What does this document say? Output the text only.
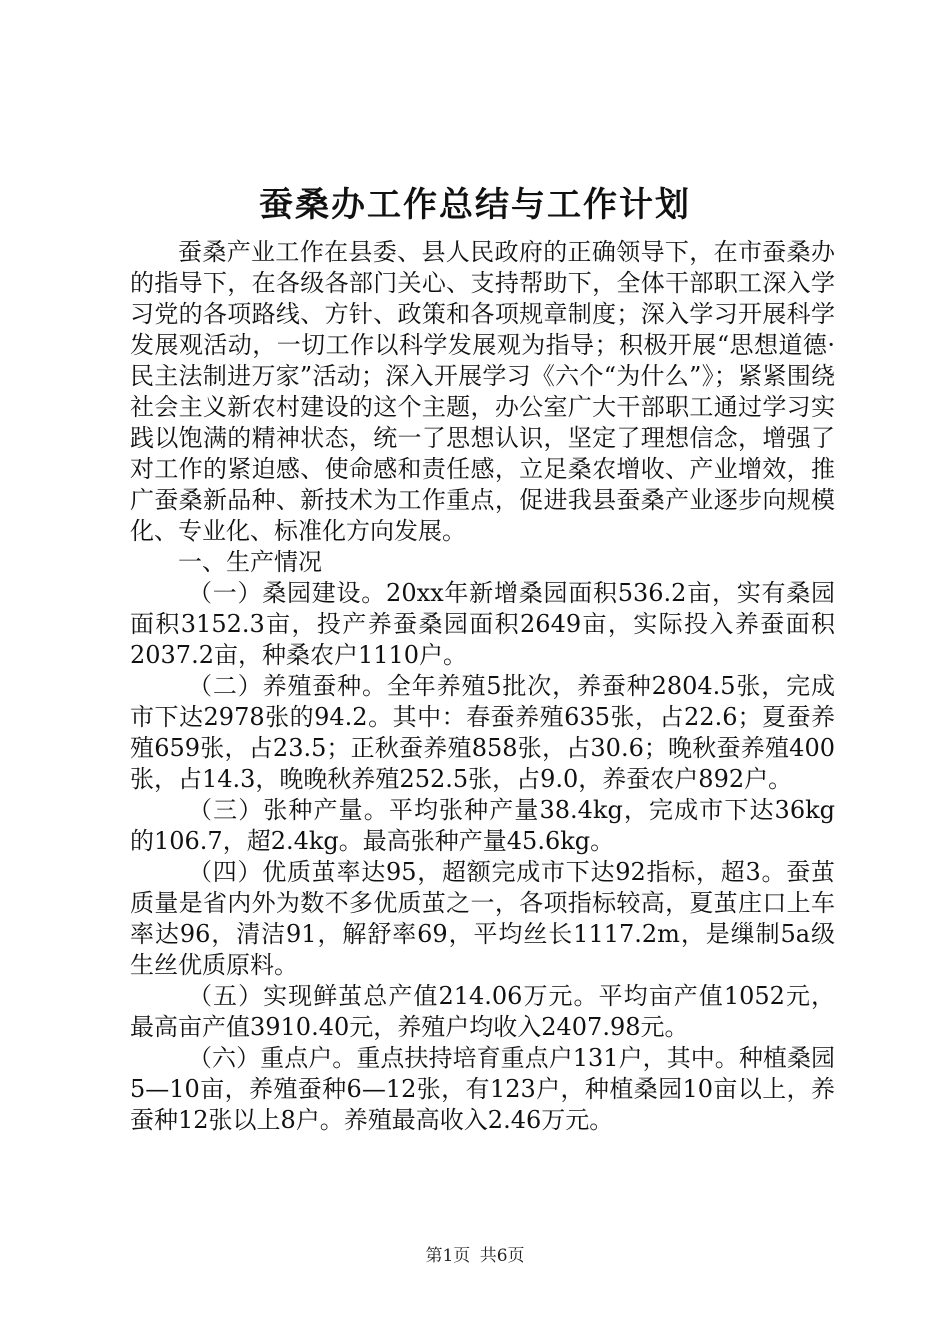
蚕桑办工作总结与工作计划

蚕桑产业工作在县委、县人民政府的正确领导下，在市蚕桑办的指导下，在各级各部门关心、支持帮助下，全体干部职工深入学习党的各项路线、方针、政策和各项规章制度；深入学习开展科学发展观活动，一切工作以科学发展观为指导；积极开展“思想道德·民主法制进万家”活动；深入开展学习《六个“为什么”》；紧紧围绕社会主义新农村建设的这个主题，办公室广大干部职工通过学习实践以饱满的精神状态，统一了思想认识，坚定了理想信念，增强了对工作的紧迫感、使命感和责任感，立足桑农增收、产业增效，推广蚕桑新品种、新技术为工作重点，促进我县蚕桑产业逐步向规模化、专业化、标准化方向发展。

一、生产情况

（一）桑园建设。20xx年新增桑园面积536.2亩，实有桑园面积3152.3亩，投产养蚕桑园面积2649亩，实际投入养蚕面积2037.2亩，种桑农户1110户。

（二）养殖蚕种。全年养殖5批次，养蚕种2804.5张，完成市下达2978张的94.2。其中：春蚕养殖635张，占22.6；夏蚕养殖659张，占23.5；正秋蚕养殖858张，占30.6；晚秋蚕养殖400张，占14.3，晚晚秋养殖252.5张，占9.0，养蚕农户892户。

（三）张种产量。平均张种产量38.4kg，完成市下达36kg的106.7，超2.4kg。最高张种产量45.6kg。

（四）优质茧率达95，超额完成市下达92指标，超3。蚕茧质量是省内外为数不多优质茧之一，各项指标较高，夏茧庄口上车率达96，清洁91，解舒率69，平均丝长1117.2m，是缫制5a级生丝优质原料。

（五）实现鲜茧总产值214.06万元。平均亩产值1052元，最高亩产值3910.40元，养殖户均收入2407.98元。

（六）重点户。重点扶持培育重点户131户，其中。种植桑园5—10亩，养殖蚕种6—12张，有123户，种植桑园10亩以上，养蚕种12张以上8户。养殖最高收入2.46万元。

第1页 共6页
